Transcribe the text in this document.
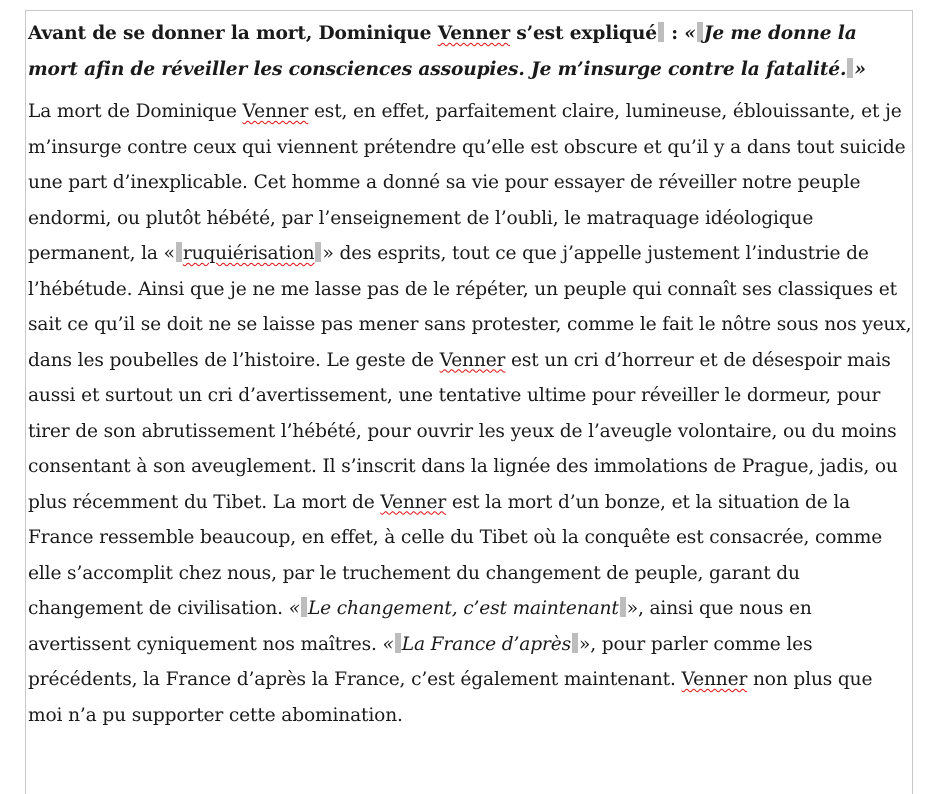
Avant de se donner la mort, Dominique Venner s’est expliqué : « Je me donne la mort afin de réveiller les consciences assoupies. Je m’insurge contre la fatalité. »

La mort de Dominique Venner est, en effet, parfaitement claire, lumineuse, éblouissante, et je m’insurge contre ceux qui viennent prétendre qu’elle est obscure et qu’il y a dans tout suicide une part d’inexplicable. Cet homme a donné sa vie pour essayer de réveiller notre peuple endormi, ou plutôt hébété, par l’enseignement de l’oubli, le matraquage idéologique permanent, la « ruquiérisation » des esprits, tout ce que j’appelle justement l’industrie de l’hébétude. Ainsi que je ne me lasse pas de le répéter, un peuple qui connaît ses classiques et sait ce qu’il se doit ne se laisse pas mener sans protester, comme le fait le nôtre sous nos yeux, dans les poubelles de l’histoire. Le geste de Venner est un cri d’horreur et de désespoir mais aussi et surtout un cri d’avertissement, une tentative ultime pour réveiller le dormeur, pour tirer de son abrutissement l’hébété, pour ouvrir les yeux de l’aveugle volontaire, ou du moins consentant à son aveuglement. Il s’inscrit dans la lignée des immolations de Prague, jadis, ou plus récemment du Tibet. La mort de Venner est la mort d’un bonze, et la situation de la France ressemble beaucoup, en effet, à celle du Tibet où la conquête est consacrée, comme elle s’accomplit chez nous, par le truchement du changement de peuple, garant du changement de civilisation. « Le changement, c’est maintenant », ainsi que nous en avertissent cyniquement nos maîtres. « La France d’après », pour parler comme les précédents, la France d’après la France, c’est également maintenant. Venner non plus que moi n’a pu supporter cette abomination.
